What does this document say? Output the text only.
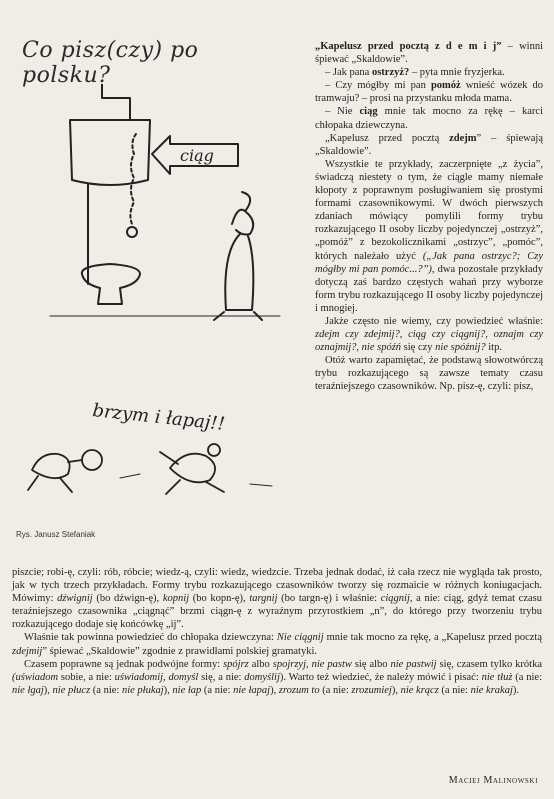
Co pisz(czy) po polsku?
ciąg
brzym i łapaj!!
Rys. Janusz Stefaniak

„Kapelusz przed pocztą z d e m i j” – winni śpiewać „Skaldowie”.

– Jak pana ostrzyż? – pyta mnie fryzjerka.

– Czy mógłby mi pan pomóż wnieść wózek do tramwaju? – prosi na przystanku młoda mama.

– Nie ciąg mnie tak mocno za rękę – karci chłopaka dziewczyna.

„Kapelusz przed pocztą zdejm” – śpiewają „Skaldowie”.

Wszystkie te przykłady, zaczerpnięte „z życia”, świadczą niestety o tym, że ciągle mamy niemałe kłopoty z poprawnym posługiwaniem się prostymi formami czasownikowymi. W dwóch pierwszych zdaniach mówiący pomylili formy trybu rozkazującego II osoby liczby pojedynczej „ostrzyż”, „pomóż” z bezokolicznikami „ostrzyc”, „pomóc”, których należało użyć („Jak pana ostrzyc?; Czy mógłby mi pan pomóc...?”), dwa pozostałe przykłady dotyczą zaś bardzo częstych wahań przy wyborze form trybu rozkazującego II osoby liczby pojedynczej i mnogiej.

Jakże często nie wiemy, czy powiedzieć właśnie: zdejm czy zdejmij?, ciąg czy ciągnij?, oznajm czy oznajmij?, nie spóźń się czy nie spóźnij? itp.

Otóż warto zapamiętać, że podstawą słowotwórczą trybu rozkazującego są zawsze tematy czasu teraźniejszego czasowników. Np. pisz-ę, czyli: pisz,

piszcie; robi-ę, czyli: rób, róbcie; wiedz-ą, czyli: wiedz, wiedzcie. Trzeba jednak dodać, iż cała rzecz nie wygląda tak prosto, jak w tych trzech przykładach. Formy trybu rozkazującego czasowników tworzy się rozmaicie w różnych koniugacjach. Mówimy: dźwignij (bo dźwign-ę), kopnij (bo kopn-ę), targnij (bo targn-ę) i właśnie: ciągnij, a nie: ciąg, gdyż temat czasu teraźniejszego czasownika „ciągnąć” brzmi ciągn-ę z wyraźnym przyrostkiem „n”, do którego przy tworzeniu trybu rozkazującego dodaje się końcówkę „ij”.

Właśnie tak powinna powiedzieć do chłopaka dziewczyna: Nie ciągnij mnie tak mocno za rękę, a „Kapelusz przed pocztą zdejmij” śpiewać „Skaldowie” zgodnie z prawidłami polskiej gramatyki.

Czasem poprawne są jednak podwójne formy: spójrz albo spojrzyj, nie pastw się albo nie pastwij się, czasem tylko krótka (uświadom sobie, a nie: uświadomij, domyśl się, a nie: domyślij). Warto też wiedzieć, że należy mówić i pisać: nie tłuż (a nie: nie łgaj), nie płucz (a nie: nie płukaj), nie łap (a nie: nie łapaj), zrozum to (a nie: zrozumiej), nie krącz (a nie: nie krakaj).

Maciej Malinowski
